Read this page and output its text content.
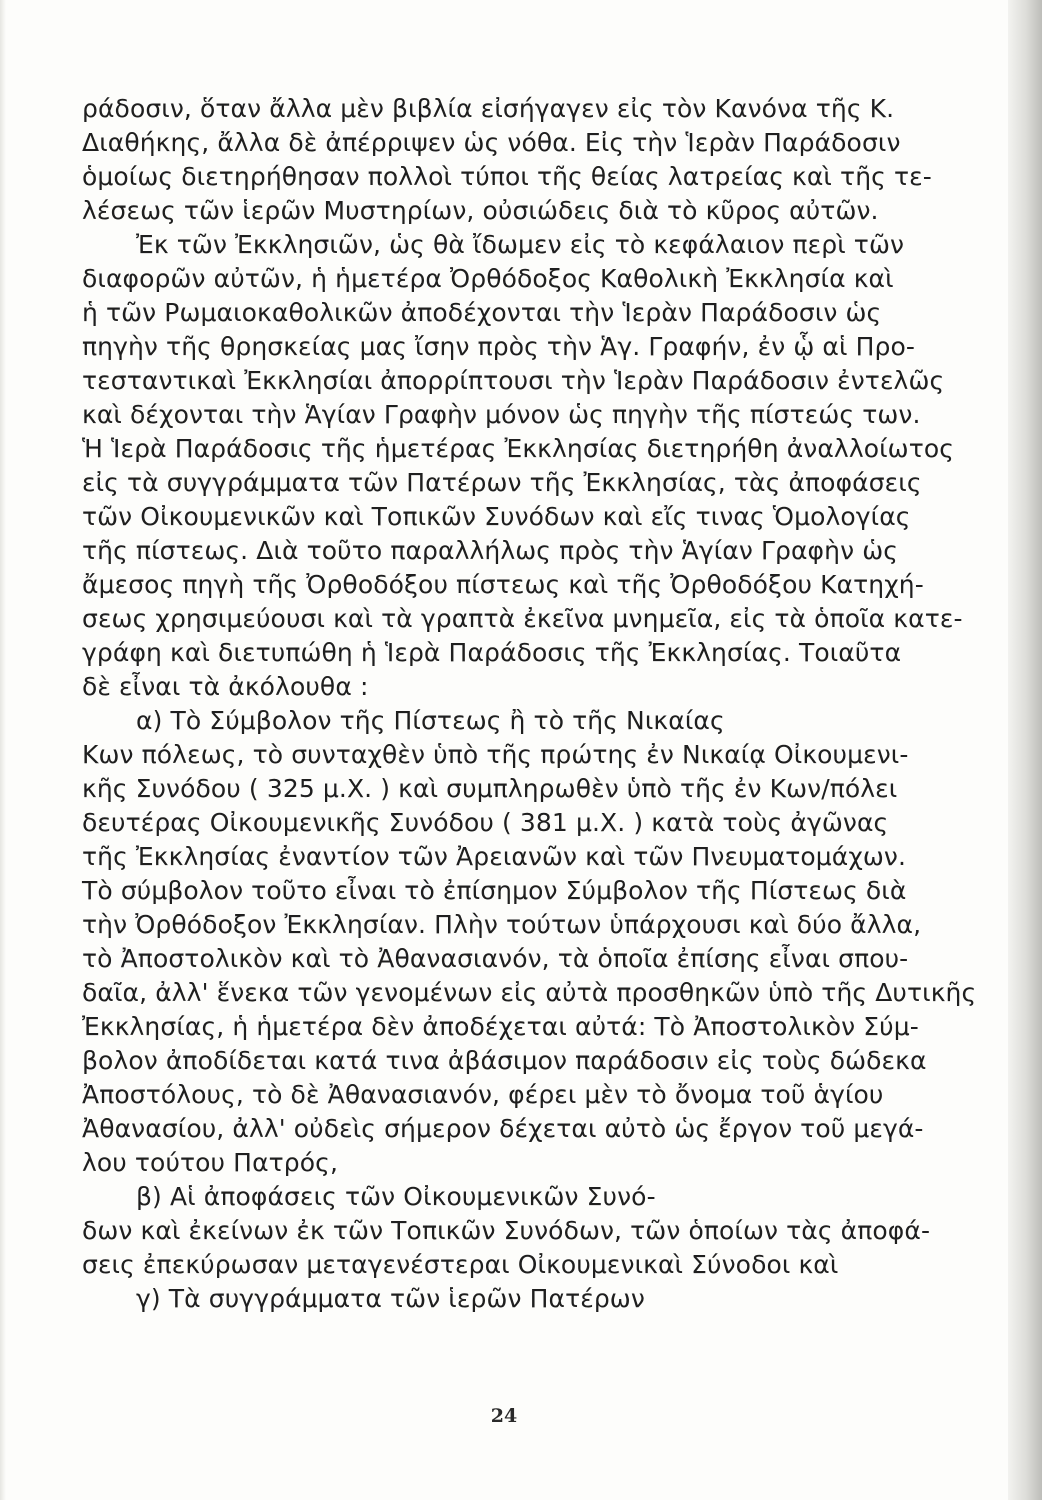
ράδοσιν, ὅταν ἄλλα μὲν βιβλία εἰσήγαγεν εἰς τὸν Κανόνα τῆς Κ.
Διαθήκης, ἄλλα δὲ ἀπέρριψεν ὡς νόθα. Εἰς τὴν Ἱερὰν Παράδοσιν
ὁμοίως διετηρήθησαν πολλοὶ τύποι τῆς θείας λατρείας καὶ τῆς τε-
λέσεως τῶν ἱερῶν Μυστηρίων, οὐσιώδεις διὰ τὸ κῦρος αὐτῶν.
Ἐκ τῶν Ἐκκλησιῶν, ὡς θὰ ἴδωμεν εἰς τὸ κεφάλαιον περὶ τῶν
διαφορῶν αὐτῶν, ἡ ἡμετέρα Ὀρθόδοξος Καθολικὴ Ἐκκλησία καὶ
ἡ τῶν Ρωμαιοκαθολικῶν ἀποδέχονται τὴν Ἱερὰν Παράδοσιν ὡς
πηγὴν τῆς θρησκείας μας ἴσην πρὸς τὴν Ἁγ. Γραφήν, ἐν ᾧ αἱ Προ-
τεσταντικαὶ Ἐκκλησίαι ἀπορρίπτουσι τὴν Ἱερὰν Παράδοσιν ἐντελῶς
καὶ δέχονται τὴν Ἁγίαν Γραφὴν μόνον ὡς πηγὴν τῆς πίστεώς των.
Ἡ Ἱερὰ Παράδοσις τῆς ἡμετέρας Ἐκκλησίας διετηρήθη ἀναλλοίωτος
εἰς τὰ συγγράμματα τῶν Πατέρων τῆς Ἐκκλησίας, τὰς ἀποφάσεις
τῶν Οἰκουμενικῶν καὶ Τοπικῶν Συνόδων καὶ εἴς τινας Ὁμολογίας
τῆς πίστεως. Διὰ τοῦτο παραλλήλως πρὸς τὴν Ἁγίαν Γραφὴν ὡς
ἄμεσος πηγὴ τῆς Ὀρθοδόξου πίστεως καὶ τῆς Ὀρθοδόξου Κατηχή-
σεως χρησιμεύουσι καὶ τὰ γραπτὰ ἐκεῖνα μνημεῖα, εἰς τὰ ὁποῖα κατε-
γράφη καὶ διετυπώθη ἡ Ἱερὰ Παράδοσις τῆς Ἐκκλησίας. Τοιαῦτα
δὲ εἶναι τὰ ἀκόλουθα :
α) Τὸ Σύμβολον τῆς Πίστεως ἢ τὸ τῆς Νικαίας
Κων πόλεως, τὸ συνταχθὲν ὑπὸ τῆς πρώτης ἐν Νικαίᾳ Οἰκουμενι-
κῆς Συνόδου ( 325 μ.Χ. ) καὶ συμπληρωθὲν ὑπὸ τῆς ἐν Κων/πόλει
δευτέρας Οἰκουμενικῆς Συνόδου ( 381 μ.Χ. ) κατὰ τοὺς ἀγῶνας
τῆς Ἐκκλησίας ἐναντίον τῶν Ἀρειανῶν καὶ τῶν Πνευματομάχων.
Τὸ σύμβολον τοῦτο εἶναι τὸ ἐπίσημον Σύμβολον τῆς Πίστεως διὰ
τὴν Ὀρθόδοξον Ἐκκλησίαν. Πλὴν τούτων ὑπάρχουσι καὶ δύο ἄλλα,
τὸ Ἀποστολικὸν καὶ τὸ Ἀθανασιανόν, τὰ ὁποῖα ἐπίσης εἶναι σπου-
δαῖα, ἀλλ' ἕνεκα τῶν γενομένων εἰς αὐτὰ προσθηκῶν ὑπὸ τῆς Δυτικῆς
Ἐκκλησίας, ἡ ἡμετέρα δὲν ἀποδέχεται αὐτά: Τὸ Ἀποστολικὸν Σύμ-
βολον ἀποδίδεται κατά τινα ἀβάσιμον παράδοσιν εἰς τοὺς δώδεκα
Ἀποστόλους, τὸ δὲ Ἀθανασιανόν, φέρει μὲν τὸ ὄνομα τοῦ ἁγίου
Ἀθανασίου, ἀλλ' οὐδεὶς σήμερον δέχεται αὐτὸ ὡς ἔργον τοῦ μεγά-
λου τούτου Πατρός,
β) Αἱ ἀποφάσεις τῶν Οἰκουμενικῶν Συνό-
δων καὶ ἐκείνων ἐκ τῶν Τοπικῶν Συνόδων, τῶν ὁποίων τὰς ἀποφά-
σεις ἐπεκύρωσαν μεταγενέστεραι Οἰκουμενικαὶ Σύνοδοι καὶ
γ) Τὰ συγγράμματα τῶν ἱερῶν Πατέρων
24
